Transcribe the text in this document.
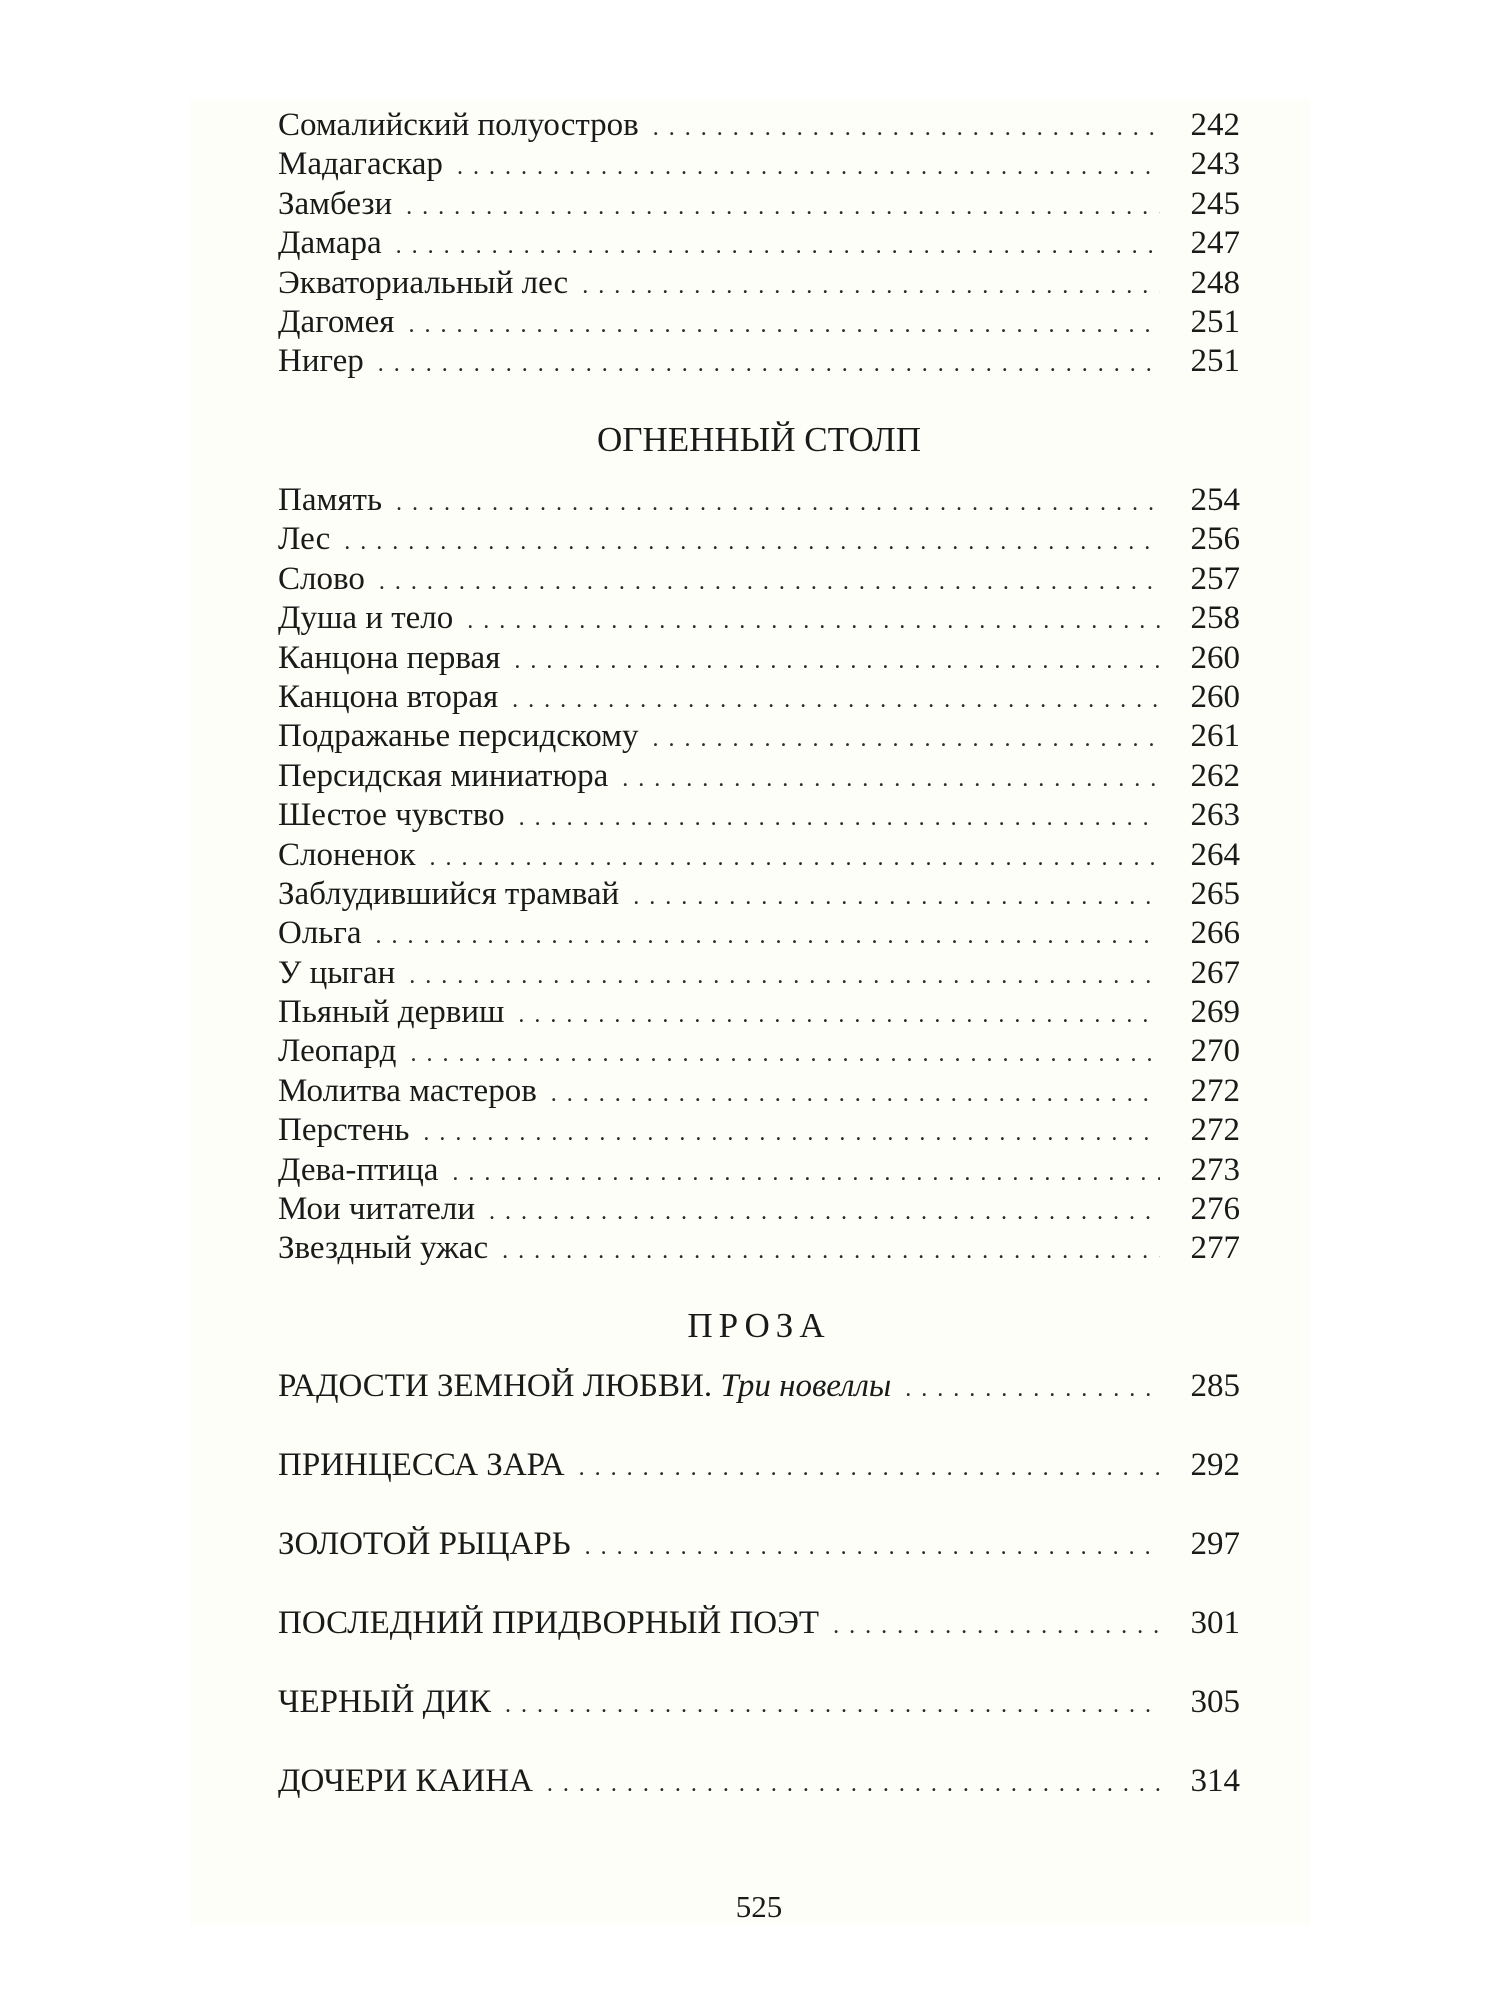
Сомалийский полуостров . . .	242
Мадагаскар . . .	243
Замбези . . .	245
Дамара . . .	247
Экваториальный лес . . .	248
Дагомея . . .	251
Нигер . . .	251
ОГНЕННЫЙ СТОЛП
Память . . .	254
Лес . . .	256
Слово . . .	257
Душа и тело . . .	258
Канцона первая . . .	260
Канцона вторая . . .	260
Подражанье персидскому . . .	261
Персидская миниатюра . . .	262
Шестое чувство . . .	263
Слоненок . . .	264
Заблудившийся трамвай . . .	265
Ольга . . .	266
У цыган . . .	267
Пьяный дервиш . . .	269
Леопард . . .	270
Молитва мастеров . . .	272
Перстень . . .	272
Дева-птица . . .	273
Мои читатели . . .	276
Звездный ужас . . .	277
ПРОЗА
РАДОСТИ ЗЕМНОЙ ЛЮБВИ. Три новеллы . . .	285
ПРИНЦЕССА ЗАРА . . .	292
ЗОЛОТОЙ РЫЦАРЬ . . .	297
ПОСЛЕДНИЙ ПРИДВОРНЫЙ ПОЭТ . . .	301
ЧЕРНЫЙ ДИК . . .	305
ДОЧЕРИ КАИНА . . .	314
525
